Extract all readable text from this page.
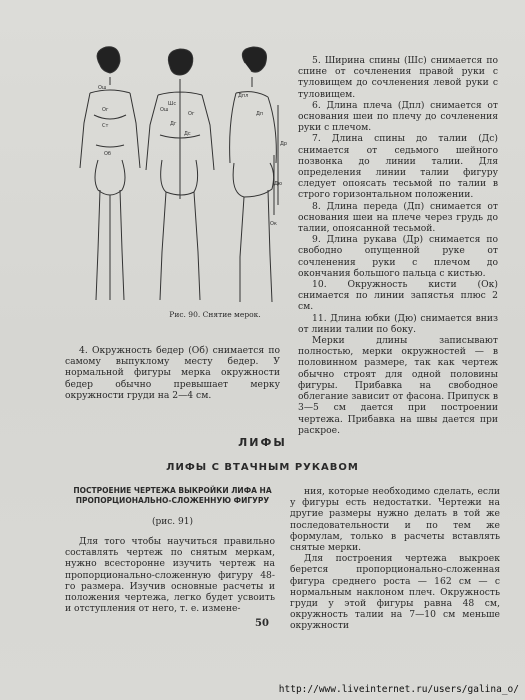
Ош
Ог
Ст
Шс
Дг
Дс
Дп
Дпл
Др
Ок
Об
Дю
Ош
Ог
Рис. 90. Снятие мерок.

5. Ширина спины (Шс) снимается по спине от сочленения правой руки с туловищем до сочленения левой руки с туловищем.

6. Длина плеча (Дпл) снимается от основания шеи по плечу до сочленения руки с плечом.

7. Длина спины до талии (Дс) снимается от седьмого шейного позвонка до линии талии. Для определения линии талии фигуру следует опоясать тесьмой по талии в строго горизонтальном положении.

8. Длина переда (Дп) снимается от основания шеи на плече через грудь до талии, опоясанной тесьмой.

9. Длина рукава (Др) снимается по свободно опущенной руке от сочленения руки с плечом до окончания большого пальца с кистью.

10. Окружность кисти (Ок) снимается по линии запястья плюс 2 см.

11. Длина юбки (Дю) снимается вниз от линии талии по боку.

Мерки длины записывают полностью, мерки окружностей — в половинном размере, так как чертеж обычно строят для одной половины фигуры. Прибавка на свободное облегание зависит от фасона. Припуск в 3—5 см дается при построении чертежа. Прибавка на швы дается при раскрое.

4. Окружность бедер (Об) снимается по самому выпуклому месту бедер. У нормальной фигуры мерка окружности бедер обычно превышает мерку окружности груди на 2—4 см.

ЛИФЫ
ЛИФЫ С ВТАЧНЫМ РУКАВОМ
ПОСТРОЕНИЕ ЧЕРТЕЖА ВЫКРОЙКИ ЛИФА НА ПРОПОРЦИОНАЛЬНО-СЛОЖЕННУЮ ФИГУРУ
(рис. 91)

Для того чтобы научиться правильно составлять чертеж по снятым меркам, нужно всесторонне изучить чертеж на пропорционально-сложенную фигуру 48-го размера. Изучив основные расчеты и положения чертежа, легко будет усвоить и отступления от него, т. е. измене-

ния, которые необходимо сделать, если у фигуры есть недостатки. Чертежи на другие размеры нужно делать в той же последовательности и по тем же формулам, только в расчеты вставлять снятые мерки.

Для построения чертежа выкроек берется пропорционально-сложенная фигура среднего роста — 162 см — с нормальным наклоном плеч. Окружность груди у этой фигуры равна 48 см, окружность талии на 7—10 см меньше окружности

50
http://www.liveinternet.ru/users/galina_o/
